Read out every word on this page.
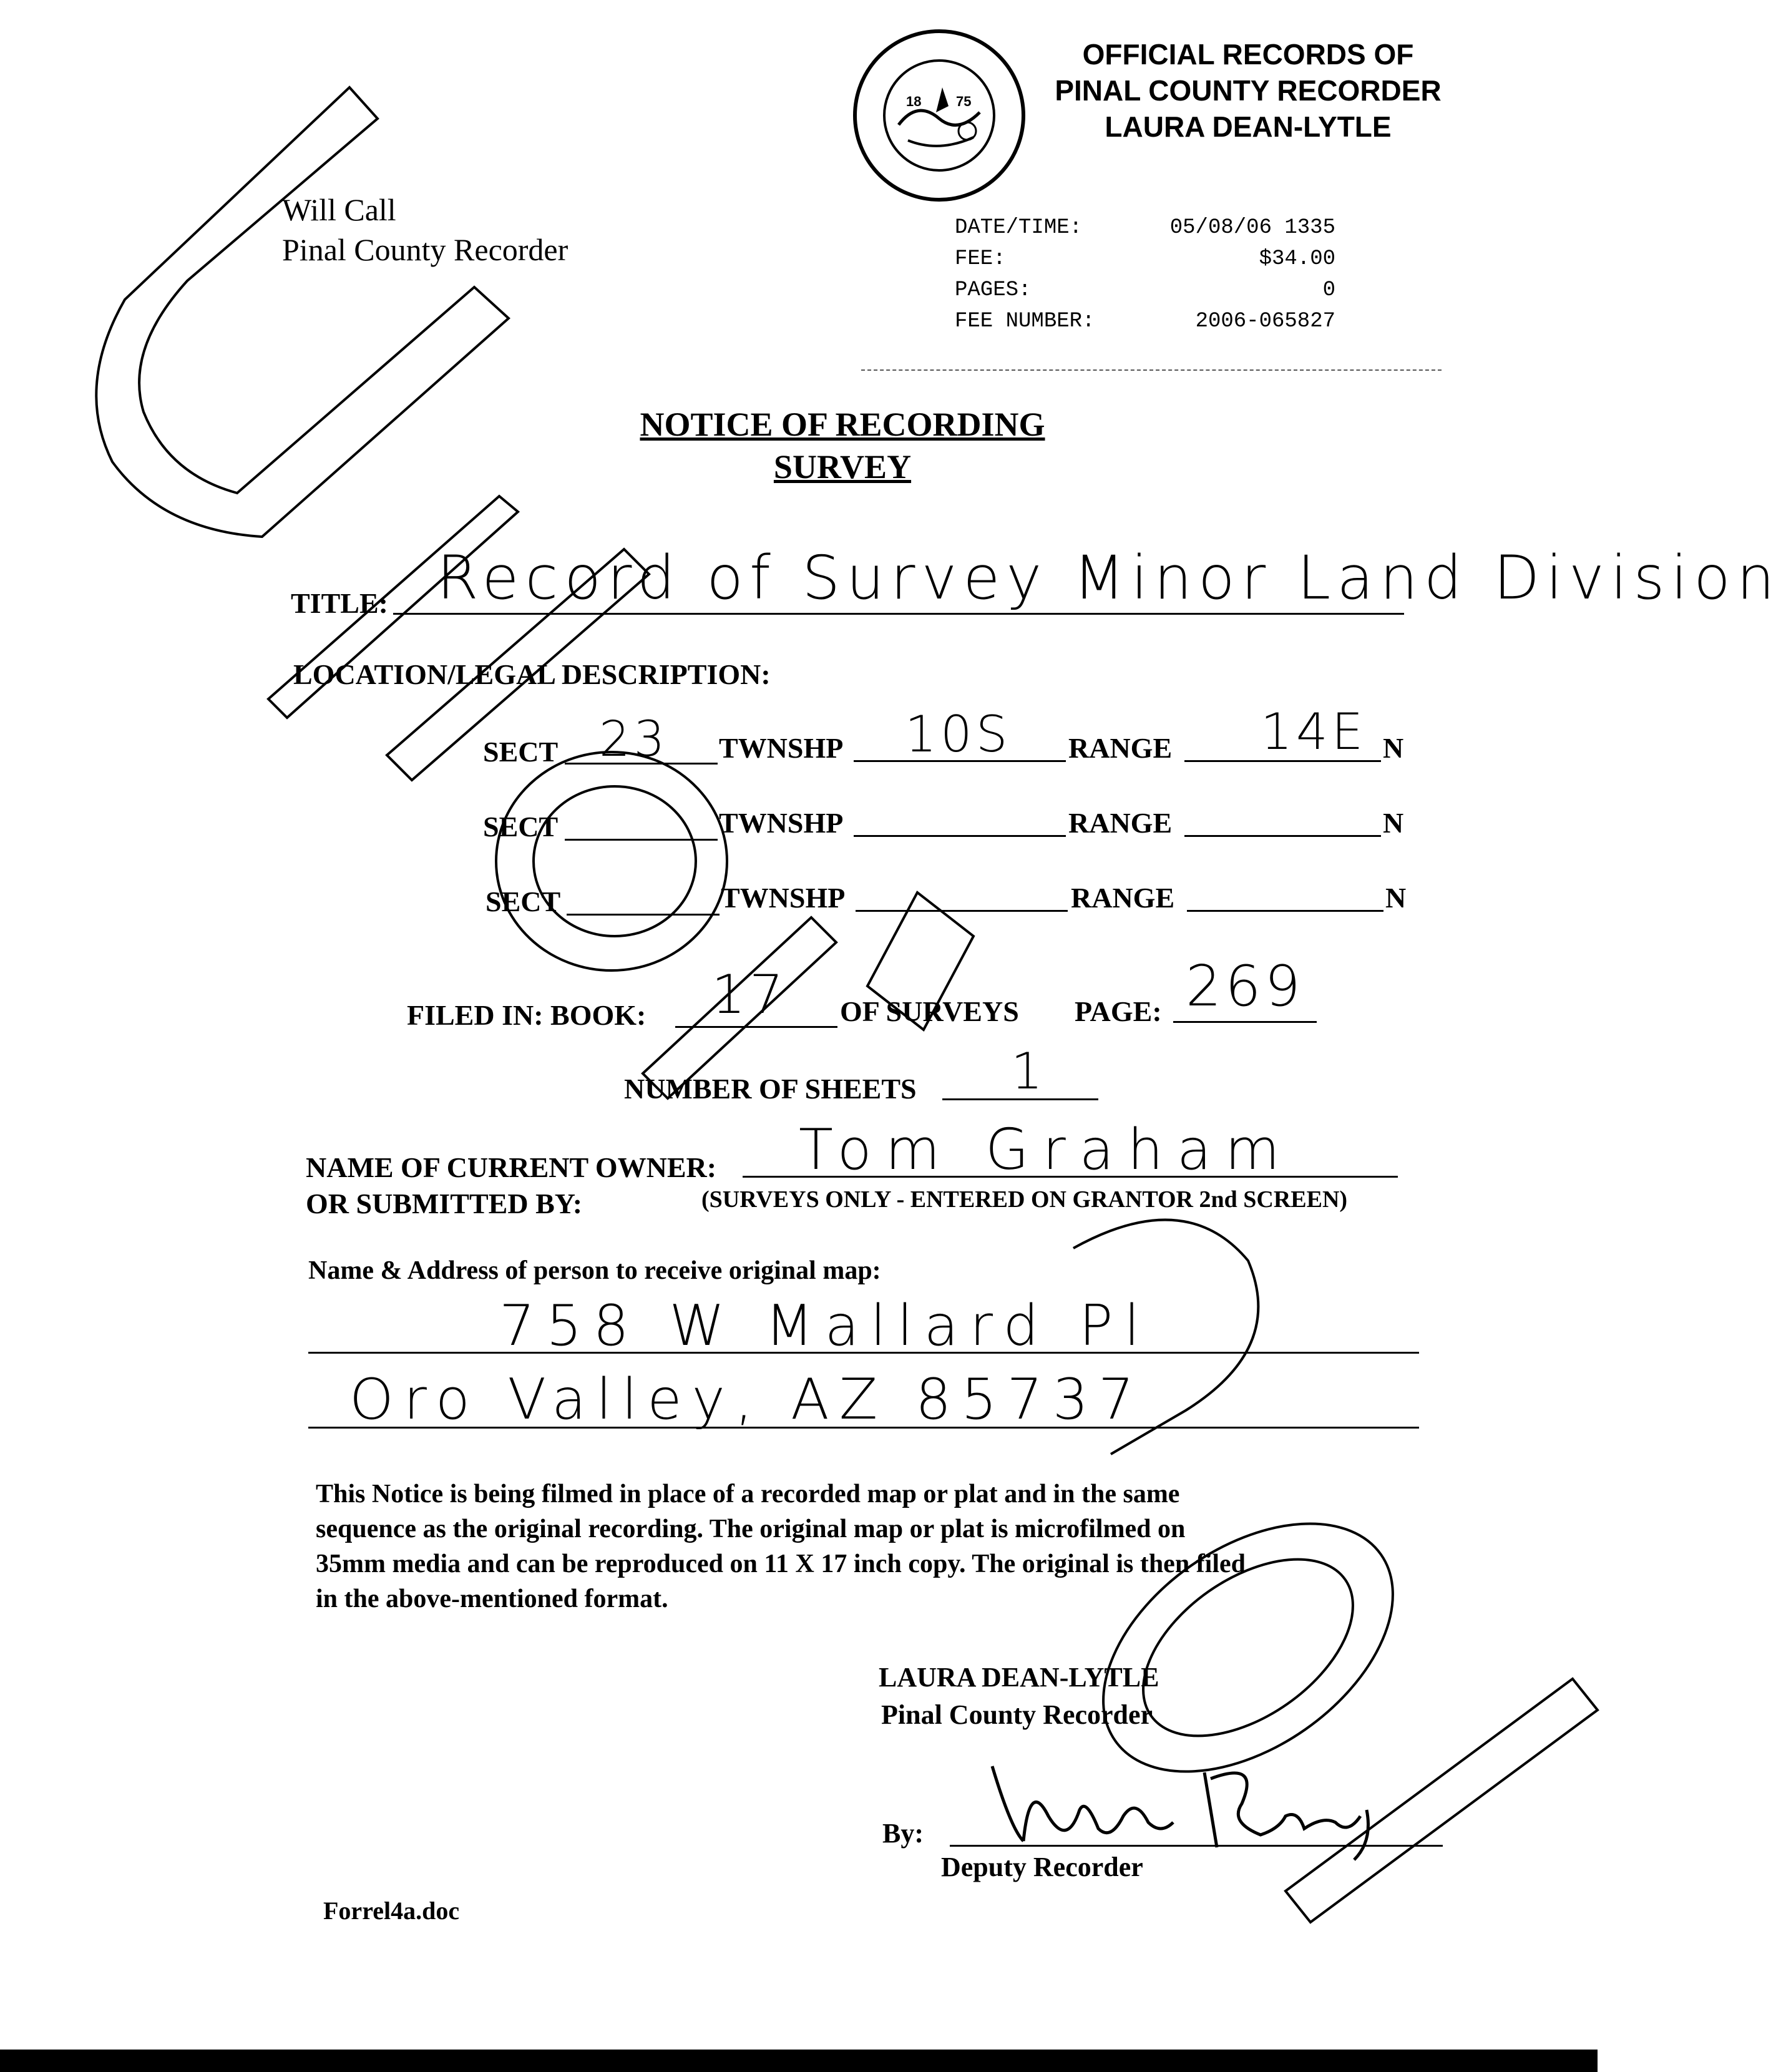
18	75
OFFICIAL RECORDS OF
PINAL COUNTY RECORDER
LAURA DEAN-LYTLE
Will Call
Pinal County Recorder
DATE/TIME:	05/08/06 1335
FEE:	$34.00
PAGES:	0
FEE NUMBER:	2006-065827
NOTICE OF RECORDING
SURVEY
TITLE: Record of Survey Minor Land Division
LOCATION/LEGAL DESCRIPTION:
SECT 23 TWNSHP 10S RANGE 14E N
SECT	TWNSHP	RANGE	N
SECT	TWNSHP	RANGE	N
FILED IN: BOOK: 17 OF SURVEYS PAGE: 269
NUMBER OF SHEETS 1
NAME OF CURRENT OWNER: Tom Graham
OR SUBMITTED BY:	(SURVEYS ONLY - ENTERED ON GRANTOR 2nd SCREEN)
Name & Address of person to receive original map:
758 W Mallard Pl
Oro Valley, AZ 85737
This Notice is being filmed in place of a recorded map or plat and in the same
sequence as the original recording. The original map or plat is microfilmed on
35mm media and can be reproduced on 11 X 17 inch copy. The original is then filed
in the above-mentioned format.
LAURA DEAN-LYTLE
Pinal County Recorder
By:
Deputy Recorder
Forrel4a.doc
